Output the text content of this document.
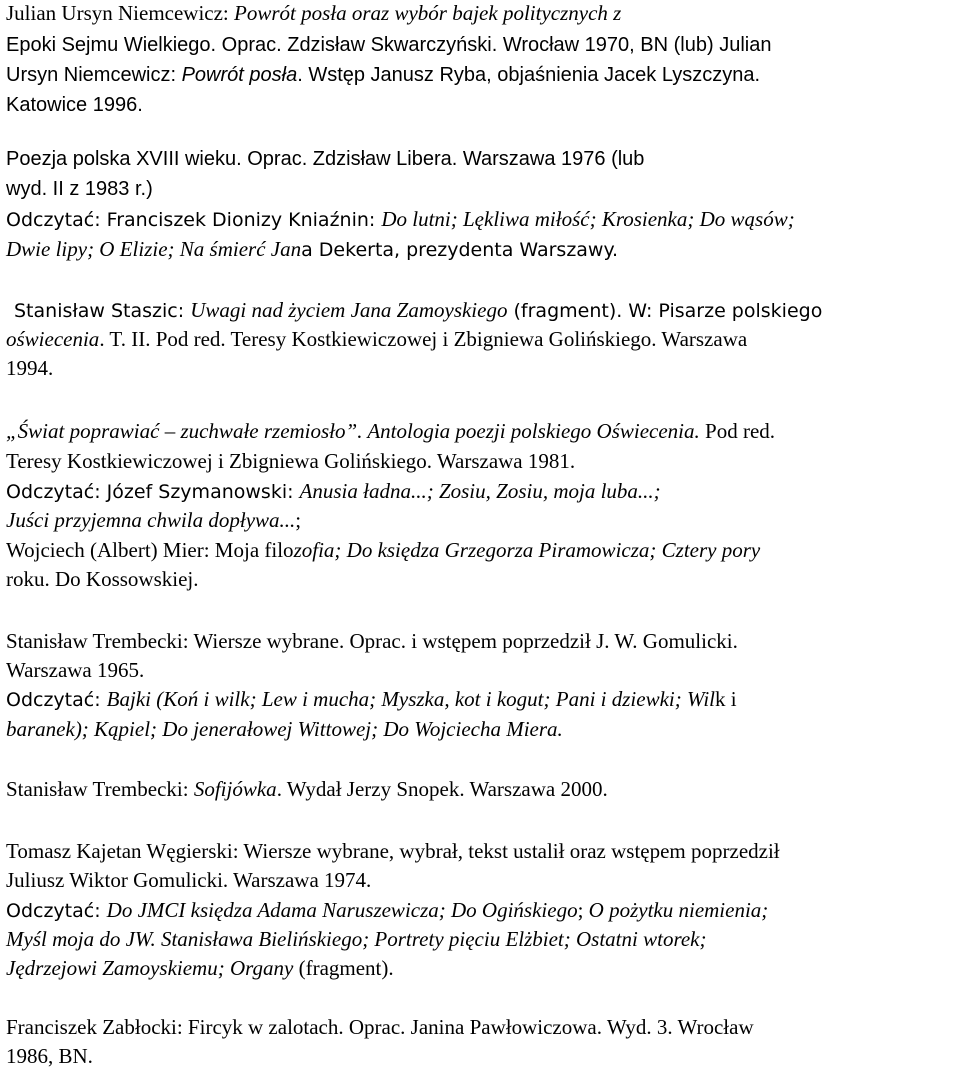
Julian Ursyn Niemcewicz: Powrót posła oraz wybór bajek politycznych z
Epoki Sejmu Wielkiego. Oprac. Zdzisław Skwarczyński. Wrocław 1970, BN (lub) Julian
Ursyn Niemcewicz: Powrót posła. Wstęp Janusz Ryba, objaśnienia Jacek Lyszczyna.
Katowice 1996.
Poezja polska XVIII wieku. Oprac. Zdzisław Libera. Warszawa 1976 (lub
wyd. II z 1983 r.)
Odczytać: Franciszek Dionizy Kniaźnin: Do lutni; Lękliwa miłość; Krosienka; Do wąsów;
Dwie lipy; O Elizie; Na śmierć Jana Dekerta, prezydenta Warszawy.
Stanisław Staszic: Uwagi nad życiem Jana Zamoyskiego (fragment). W: Pisarze polskiego
oświecenia. T. II. Pod red. Teresy Kostkiewiczowej i Zbigniewa Golińskiego. Warszawa
1994.
„Świat poprawiać – zuchwałe rzemiosło”. Antologia poezji polskiego Oświecenia. Pod red.
Teresy Kostkiewiczowej i Zbigniewa Golińskiego. Warszawa 1981.
Odczytać: Józef Szymanowski: Anusia ładna...; Zosiu, Zosiu, moja luba...;
Juści przyjemna chwila dopływa...;
Wojciech (Albert) Mier: Moja filozofia; Do księdza Grzegorza Piramowicza; Cztery pory
roku. Do Kossowskiej.
Stanisław Trembecki: Wiersze wybrane. Oprac. i wstępem poprzedził J. W. Gomulicki.
Warszawa 1965.
Odczytać: Bajki (Koń i wilk; Lew i mucha; Myszka, kot i kogut; Pani i dziewki; Wilk i
baranek); Kąpiel; Do jenerałowej Wittowej; Do Wojciecha Miera.
Stanisław Trembecki: Sofijówka. Wydał Jerzy Snopek. Warszawa 2000.
Tomasz Kajetan Węgierski: Wiersze wybrane, wybrał, tekst ustalił oraz wstępem poprzedził
Juliusz Wiktor Gomulicki. Warszawa 1974.
Odczytać: Do JMCI księdza Adama Naruszewicza; Do Ogińskiego; O pożytku niemienia;
Myśl moja do JW. Stanisława Bielińskiego; Portrety pięciu Elżbiet; Ostatni wtorek;
Jędrzejowi Zamoyskiemu; Organy (fragment).
Franciszek Zabłocki: Fircyk w zalotach. Oprac. Janina Pawłowiczowa. Wyd. 3. Wrocław
1986, BN.
